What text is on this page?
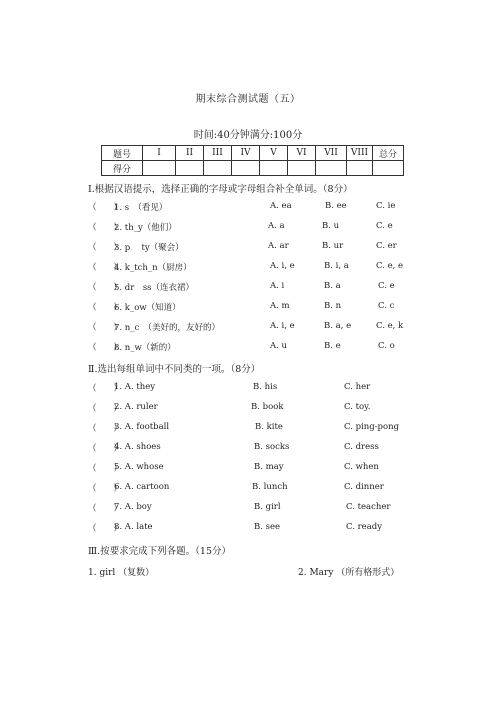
期末综合测试题（五）
时间:40分钟满分:100分
题号	I	II	III	IV	V	VI	VII	VIII	总分
得分									
Ⅰ.根据汉语提示，选择正确的字母或字母组合补全单词。（8分）
（　　）
1. s　（看见）	A. ea	B. ee	C. ie
（　　）
2. th_y（他们）	A. a	B. u	C. e
（　　）
3. p　 ty（聚会）	A. ar	B. ur	C. er
（　　）
4. k_tch_n（厨房）	A. i, e	B. i, a	C. e, e
（　　）
5. dr　ss（连衣裙）	A. i	B. a	C. e
（　　）
6. k_ow（知道）	A. m	B. n	C. c
（　　）
7. n_c　（美好的，友好的）	A. i, e	B. a, e	C. e, k
（　　）
8. n_w（新的）	A. u	B. e	C. o
Ⅱ.选出每组单词中不同类的一项。（8分）
（　　）
1. A. they	B. his	C. her
（　　）
2. A. ruler	B. book	C. toy.
（　　）
3. A. football	B. kite	C. ping-pong
（　　）
4. A. shoes	B. socks	C. dress
（　　）
5. A. whose	B. may	C. when
（　　）
6. A. cartoon	B. lunch	C. dinner
（　　）
7. A. boy	B. girl	C. teacher
（　　）
8. A. late	B. see	C. ready
Ⅲ.按要求完成下列各题。（15分）
1. girl （复数）	2. Mary （所有格形式）
